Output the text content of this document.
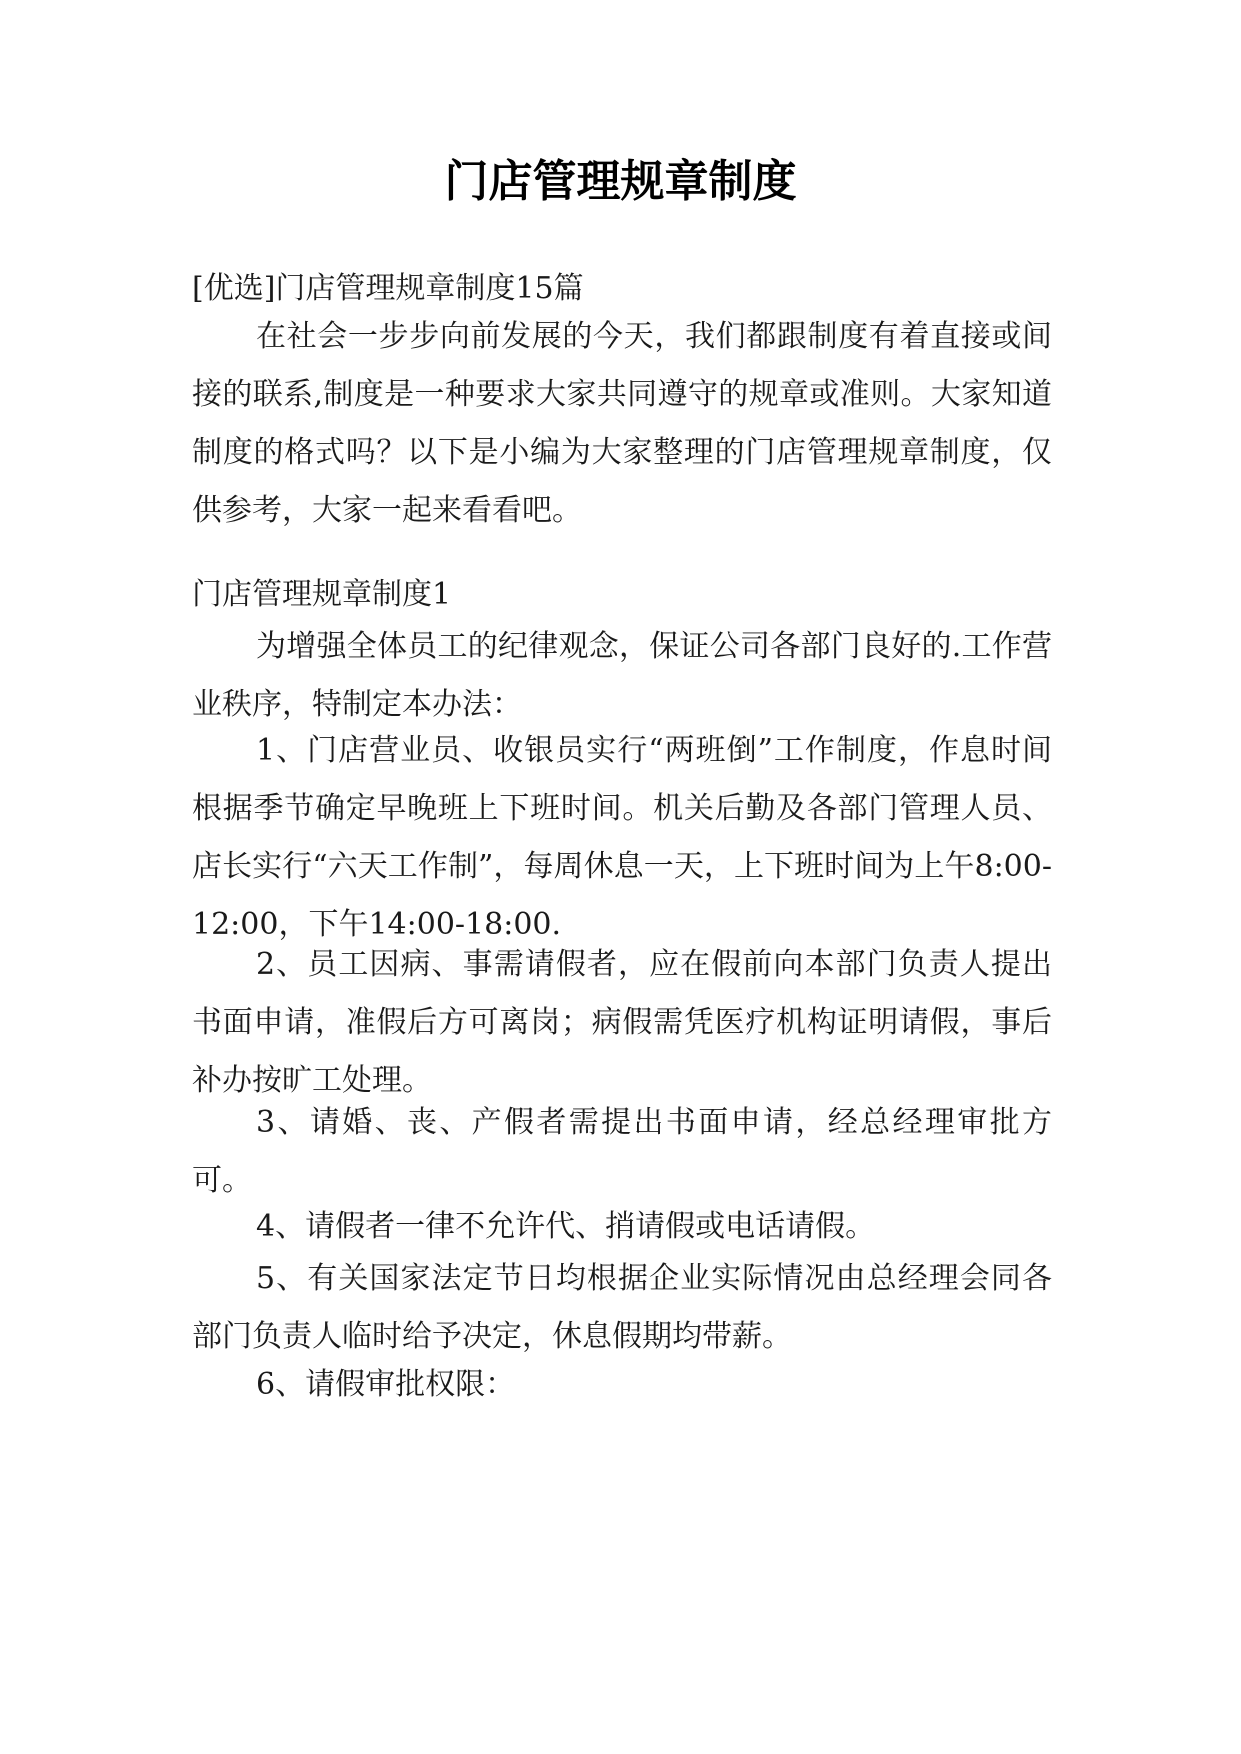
门店管理规章制度

[优选]门店管理规章制度15篇

在社会一步步向前发展的今天，我们都跟制度有着直接或间接的联系,制度是一种要求大家共同遵守的规章或准则。大家知道制度的格式吗？以下是小编为大家整理的门店管理规章制度，仅供参考，大家一起来看看吧。

门店管理规章制度1

为增强全体员工的纪律观念，保证公司各部门良好的.工作营业秩序，特制定本办法：

1、门店营业员、收银员实行“两班倒”工作制度，作息时间根据季节确定早晚班上下班时间。机关后勤及各部门管理人员、店长实行“六天工作制”，每周休息一天，上下班时间为上午8:00-12:00，下午14:00-18:00.

2、员工因病、事需请假者，应在假前向本部门负责人提出书面申请，准假后方可离岗；病假需凭医疗机构证明请假，事后补办按旷工处理。

3、请婚、丧、产假者需提出书面申请，经总经理审批方可。

4、请假者一律不允许代、捎请假或电话请假。

5、有关国家法定节日均根据企业实际情况由总经理会同各部门负责人临时给予决定，休息假期均带薪。

6、请假审批权限：
